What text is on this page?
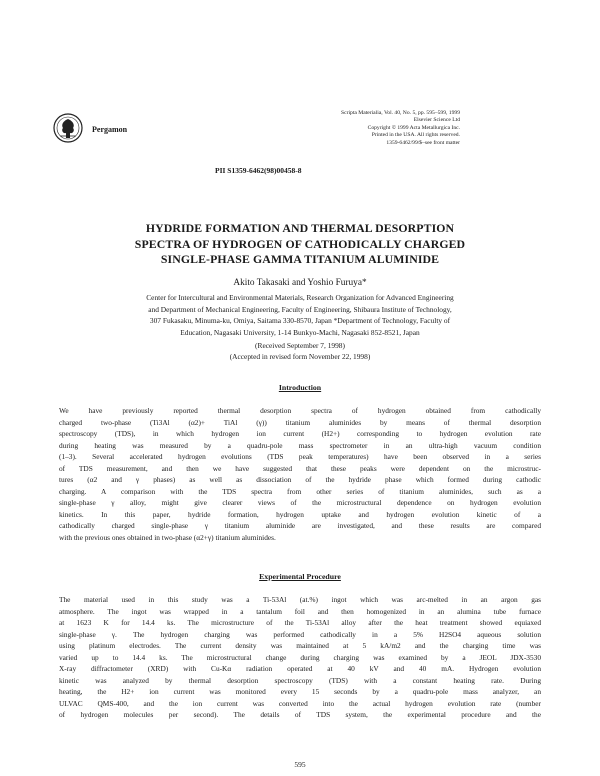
Pergamon
Scripta Materialia, Vol. 40, No. 5, pp. 595–599, 1999
Elsevier Science Ltd
Copyright © 1999 Acta Metallurgica Inc.
Printed in the USA. All rights reserved.
1359-6462/99/$–see front matter
PII S1359-6462(98)00458-8
HYDRIDE FORMATION AND THERMAL DESORPTION
SPECTRA OF HYDROGEN OF CATHODICALLY CHARGED
SINGLE-PHASE GAMMA TITANIUM ALUMINIDE
Akito Takasaki and Yoshio Furuya*
Center for Intercultural and Environmental Materials, Research Organization for Advanced Engineering
and Department of Mechanical Engineering, Faculty of Engineering, Shibaura Institute of Technology,
307 Fukasaku, Minuma-ku, Omiya, Saitama 330-8570, Japan *Department of Technology, Faculty of
Education, Nagasaki University, 1-14 Bunkyo-Machi, Nagasaki 852-8521, Japan
(Received September 7, 1998)
(Accepted in revised form November 22, 1998)
Introduction
We have previously reported thermal desorption spectra of hydrogen obtained from cathodically
charged two-phase (Ti3Al (α2)+ TiAl (γ)) titanium aluminides by means of thermal desorption
spectroscopy (TDS), in which hydrogen ion current (H2+) corresponding to hydrogen evolution rate
during heating was measured by a quadru-pole mass spectrometer in an ultra-high vacuum condition
(1–3). Several accelerated hydrogen evolutions (TDS peak temperatures) have been observed in a series
of TDS measurement, and then we have suggested that these peaks were dependent on the microstruc-
tures (α2 and γ phases) as well as dissociation of the hydride phase which formed during cathodic
charging. A comparison with the TDS spectra from other series of titanium aluminides, such as a
single-phase γ alloy, might give clearer views of the microstructural dependence on hydrogen evolution
kinetics. In this paper, hydride formation, hydrogen uptake and hydrogen evolution kinetic of a
cathodically charged single-phase γ titanium aluminide are investigated, and these results are compared
with the previous ones obtained in two-phase (α2+γ) titanium aluminides.
Experimental Procedure
The material used in this study was a Ti-53Al (at.%) ingot which was arc-melted in an argon gas
atmosphere. The ingot was wrapped in a tantalum foil and then homogenized in an alumina tube furnace
at 1623 K for 14.4 ks. The microstructure of the Ti-53Al alloy after the heat treatment showed equiaxed
single-phase γ. The hydrogen charging was performed cathodically in a 5% H2SO4 aqueous solution
using platinum electrodes. The current density was maintained at 5 kA/m2 and the charging time was
varied up to 14.4 ks. The microstructural change during charging was examined by a JEOL JDX-3530
X-ray diffractometer (XRD) with Cu-Kα radiation operated at 40 kV and 40 mA. Hydrogen evolution
kinetic was analyzed by thermal desorption spectroscopy (TDS) with a constant heating rate. During
heating, the H2+ ion current was monitored every 15 seconds by a quadru-pole mass analyzer, an
ULVAC QMS-400, and the ion current was converted into the actual hydrogen evolution rate (number
of hydrogen molecules per second). The details of TDS system, the experimental procedure and the
595
